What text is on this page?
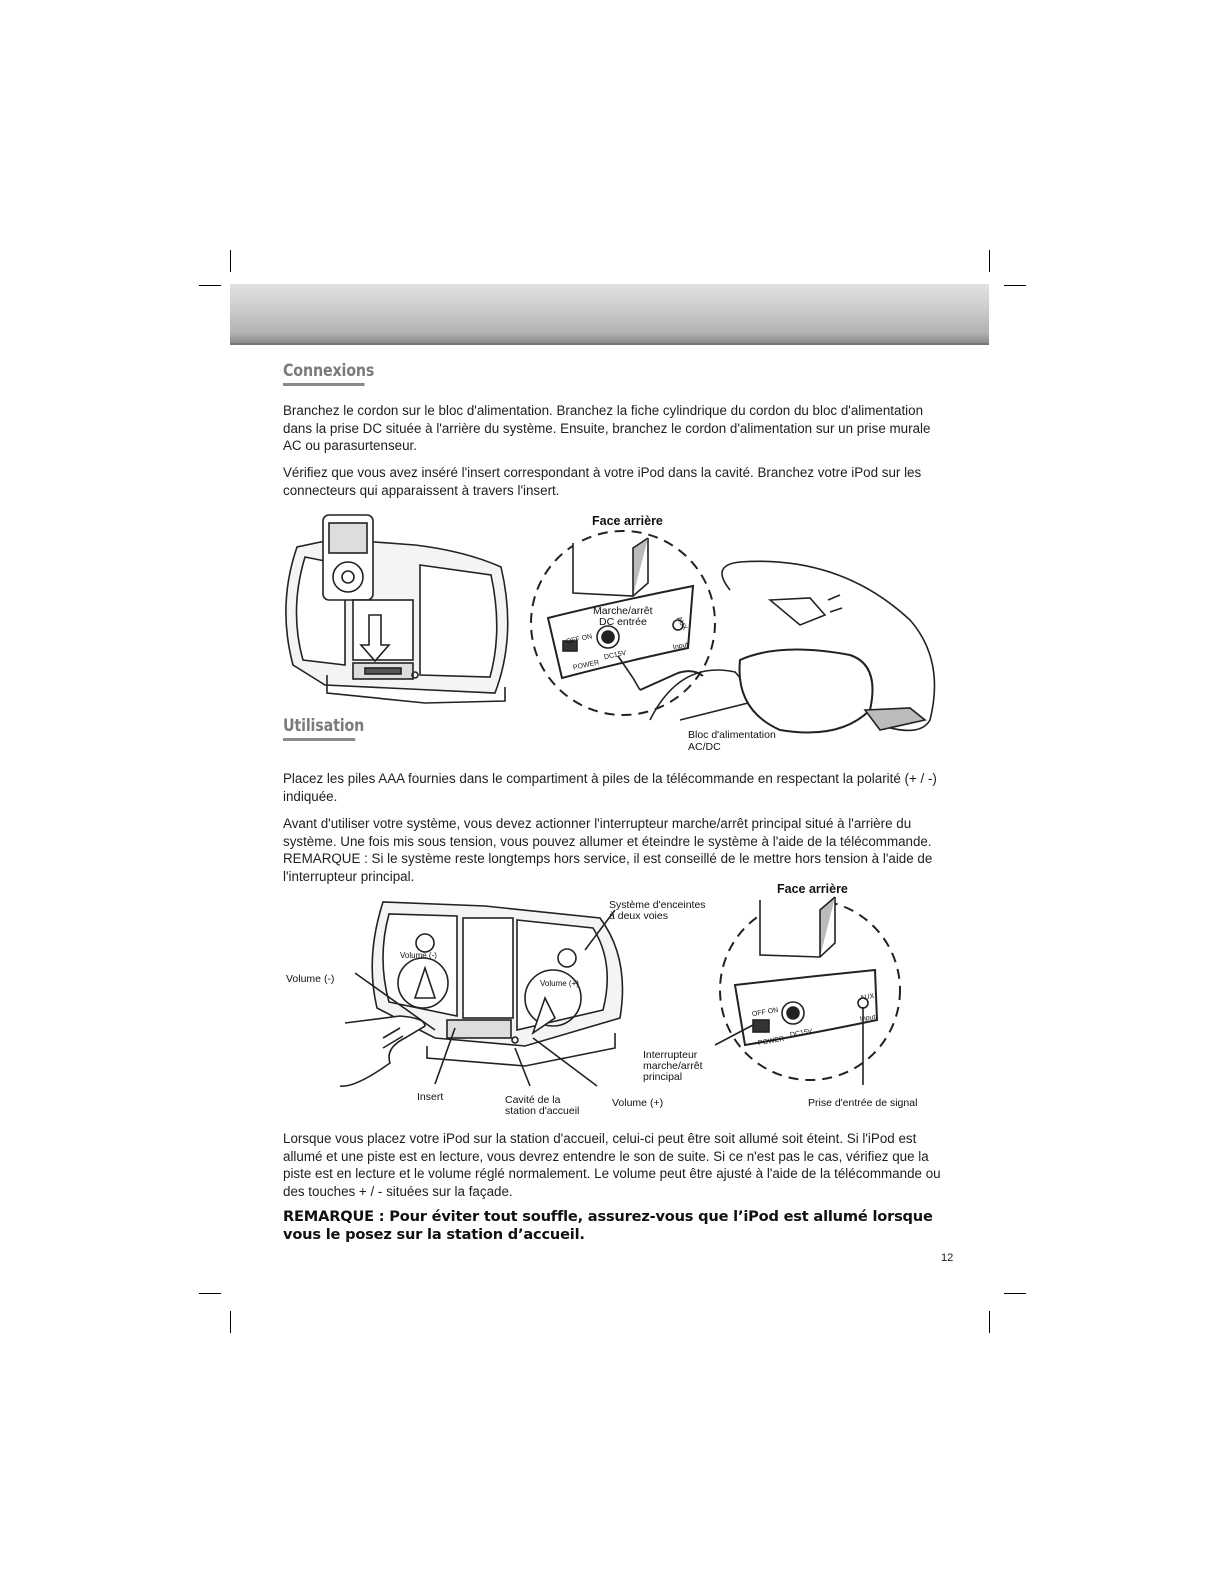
Connexions

Branchez le cordon sur le bloc d'alimentation. Branchez la fiche cylindrique du cordon du bloc d'alimentation dans la prise DC située à l'arrière du système. Ensuite, branchez le cordon d'alimentation sur un prise murale AC ou parasurtenseur.

Vérifiez que vous avez inséré l'insert correspondant à votre iPod dans la cavité. Branchez votre iPod sur les connecteurs qui apparaissent à travers l'insert.

Face arrière
Marche/arrêt
DC entrée
OFF ON
POWER
DC15V
AUX
Input
Bloc d'alimentation
AC/DC
Utilisation

Placez les piles AAA fournies dans le compartiment à piles de la télécommande en respectant la polarité (+ / -) indiquée.

Avant d'utiliser votre système, vous devez actionner l'interrupteur marche/arrêt principal situé à l'arrière du système. Une fois mis sous tension, vous pouvez allumer et éteindre le système à l'aide de la télécommande. REMARQUE : Si le système reste longtemps hors service, il est conseillé de le mettre hors tension à l'aide de l'interrupteur principal.

Système d'enceintes
à deux voies
Volume (-)
Volume (-)
Volume (+)
Insert	Cavité de la
station d'accueil
Volume (+)
Face arrière
OFF ON
POWER
DC15V
AUX
Input
Interrupteur
marche/arrêt
principal
Prise d'entrée de signal

Lorsque vous placez votre iPod sur la station d'accueil, celui-ci peut être soit allumé soit éteint. Si l'iPod est allumé et une piste est en lecture, vous devrez entendre le son de suite. Si ce n'est pas le cas, vérifiez que la piste est en lecture et le volume réglé normalement. Le volume peut être ajusté à l'aide de la télécommande ou des touches + / - situées sur la façade.

REMARQUE : Pour éviter tout souffle, assurez-vous que l’iPod est allumé lorsque vous le posez sur la station d’accueil.

12
